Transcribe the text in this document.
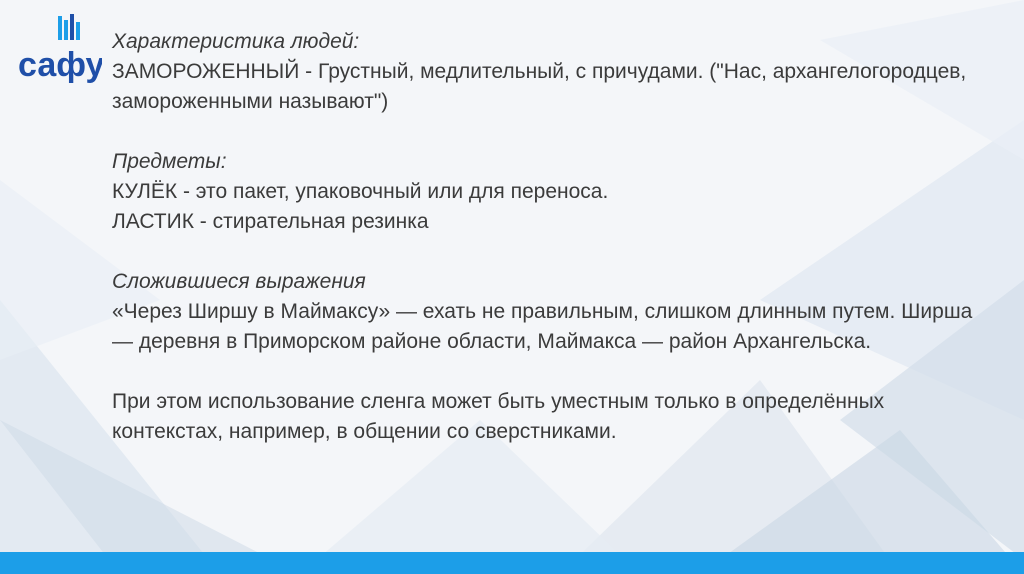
сафу

Характеристика людей:

ЗАМОРОЖЕННЫЙ - Грустный, медлительный, с причудами. ("Нас, архангелогородцев, замороженными называют")

Предметы:

КУЛЁК - это пакет, упаковочный или для переноса.

ЛАСТИК - стирательная резинка

Сложившиеся выражения

«Через Ширшу в Маймаксу» — ехать не правильным, слишком длинным путем. Ширша — деревня в Приморском районе области, Маймакса — район Архангельска.

При этом использование сленга может быть уместным только в определённых контекстах, например, в общении со сверстниками.
